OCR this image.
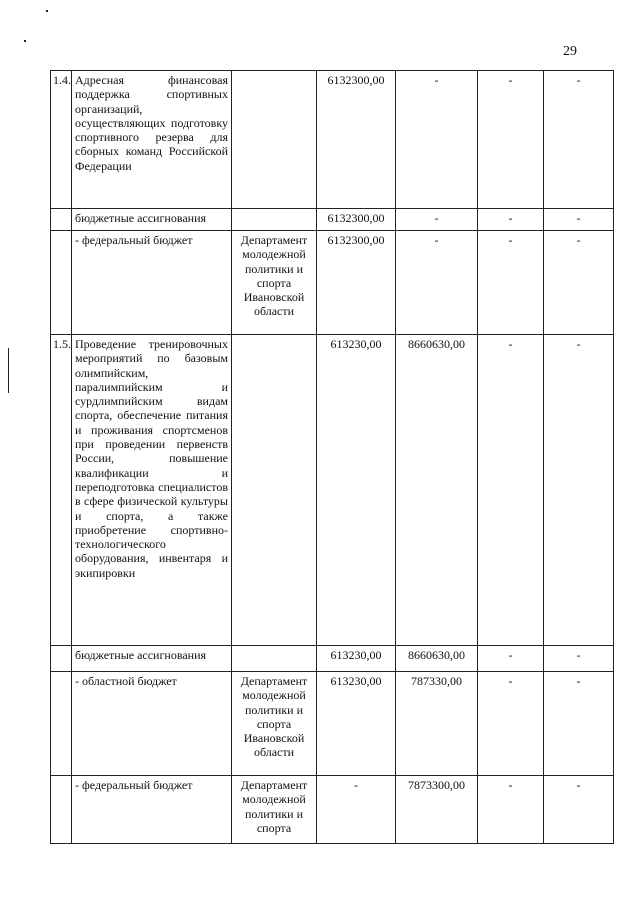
29
1.4.	Адресная финансовая поддержка спортивных организаций, осуществляющих подготовку спортивного резерва для сборных команд Российской Федерации		6132300,00	-	-	-
	бюджетные ассигнования		6132300,00	-	-	-
	- федеральный бюджет	Департамент молодежной политики и спорта Ивановской области	6132300,00	-	-	-
1.5.	Проведение тренировочных мероприятий по базовым олимпийским, паралимпийским и сурдлимпийским видам спорта, обеспечение питания и проживания спортсменов при проведении первенств России, повышение квалификации и переподготовка специалистов в сфере физической культуры и спорта, а также приобретение спортивно-технологического оборудования, инвентаря и экипировки		613230,00	8660630,00	-	-
	бюджетные ассигнования		613230,00	8660630,00	-	-
	- областной бюджет	Департамент молодежной политики и спорта Ивановской области	613230,00	787330,00	-	-
	- федеральный бюджет	Департамент молодежной политики и спорта	-	7873300,00	-	-
